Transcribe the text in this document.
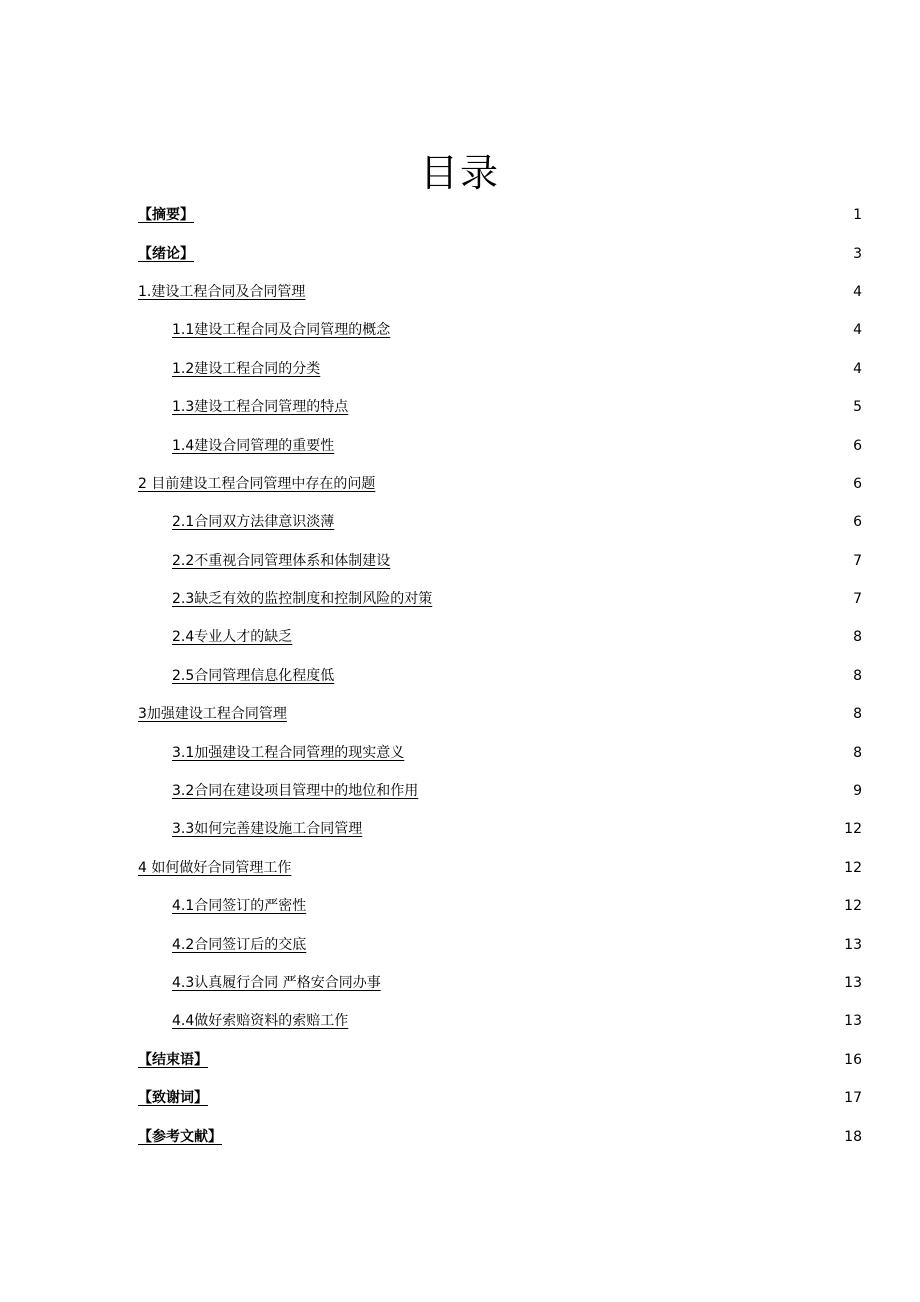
目录
【摘要】	1
【绪论】	3
1.建设工程合同及合同管理	4
1.1建设工程合同及合同管理的概念	4
1.2建设工程合同的分类	4
1.3建设工程合同管理的特点	5
1.4建设合同管理的重要性	6
2 目前建设工程合同管理中存在的问题	6
2.1合同双方法律意识淡薄	6
2.2不重视合同管理体系和体制建设	7
2.3缺乏有效的监控制度和控制风险的对策	7
2.4专业人才的缺乏	8
2.5合同管理信息化程度低	8
3加强建设工程合同管理	8
3.1加强建设工程合同管理的现实意义	8
3.2合同在建设项目管理中的地位和作用	9
3.3如何完善建设施工合同管理	12
4 如何做好合同管理工作	12
4.1合同签订的严密性	12
4.2合同签订后的交底	13
4.3认真履行合同 严格安合同办事	13
4.4做好索赔资料的索赔工作	13
【结束语】	16
【致谢词】	17
【参考文献】	18
